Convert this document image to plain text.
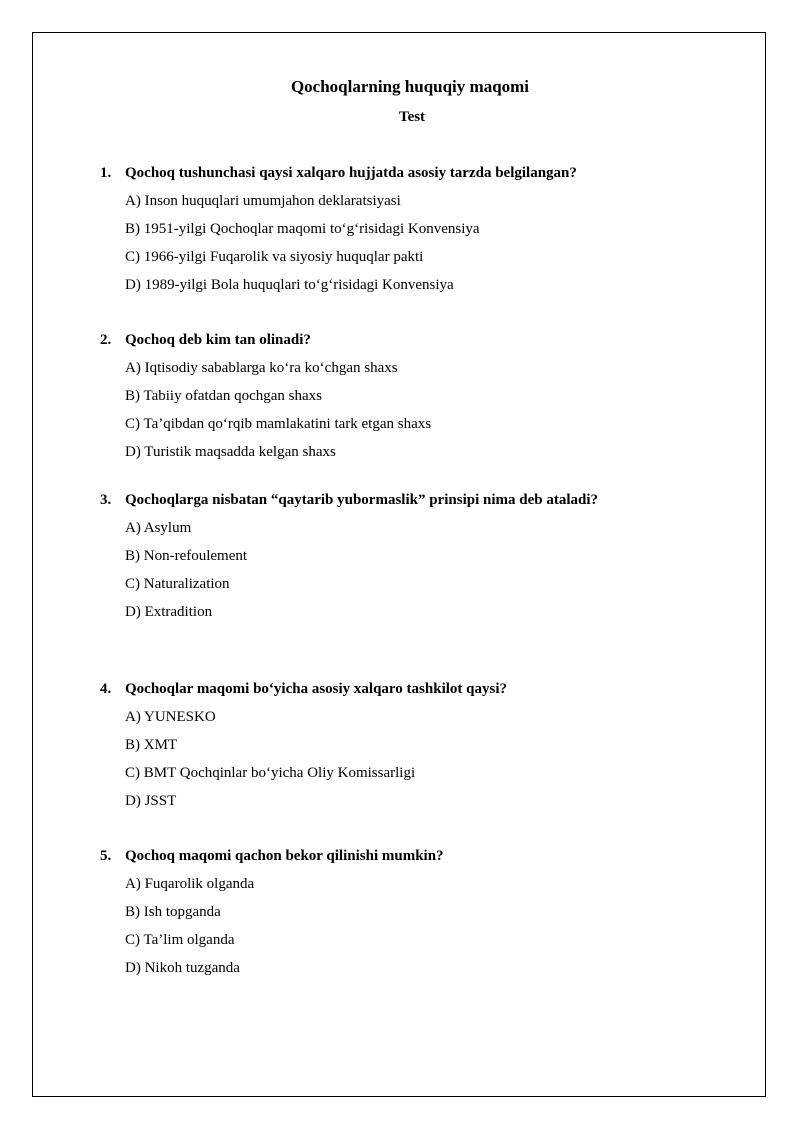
Qochoqlarning huquqiy maqomi
Test
1. Qochoq tushunchasi qaysi xalqaro hujjatda asosiy tarzda belgilangan?
A) Inson huquqlari umumjahon deklaratsiyasi
B) 1951-yilgi Qochoqlar maqomi to‘g‘risidagi Konvensiya
C) 1966-yilgi Fuqarolik va siyosiy huquqlar pakti
D) 1989-yilgi Bola huquqlari to‘g‘risidagi Konvensiya
2. Qochoq deb kim tan olinadi?
A) Iqtisodiy sabablarga ko‘ra ko‘chgan shaxs
B) Tabiiy ofatdan qochgan shaxs
C) Ta’qibdan qo‘rqib mamlakatini tark etgan shaxs
D) Turistik maqsadda kelgan shaxs
3. Qochoqlarga nisbatan “qaytarib yubormaslik” prinsipi nima deb ataladi?
A) Asylum
B) Non-refoulement
C) Naturalization
D) Extradition
4. Qochoqlar maqomi bo‘yicha asosiy xalqaro tashkilot qaysi?
A) YUNESKO
B) XMT
C) BMT Qochqinlar bo‘yicha Oliy Komissarligi
D) JSST
5. Qochoq maqomi qachon bekor qilinishi mumkin?
A) Fuqarolik olganda
B) Ish topganda
C) Ta’lim olganda
D) Nikoh tuzganda
